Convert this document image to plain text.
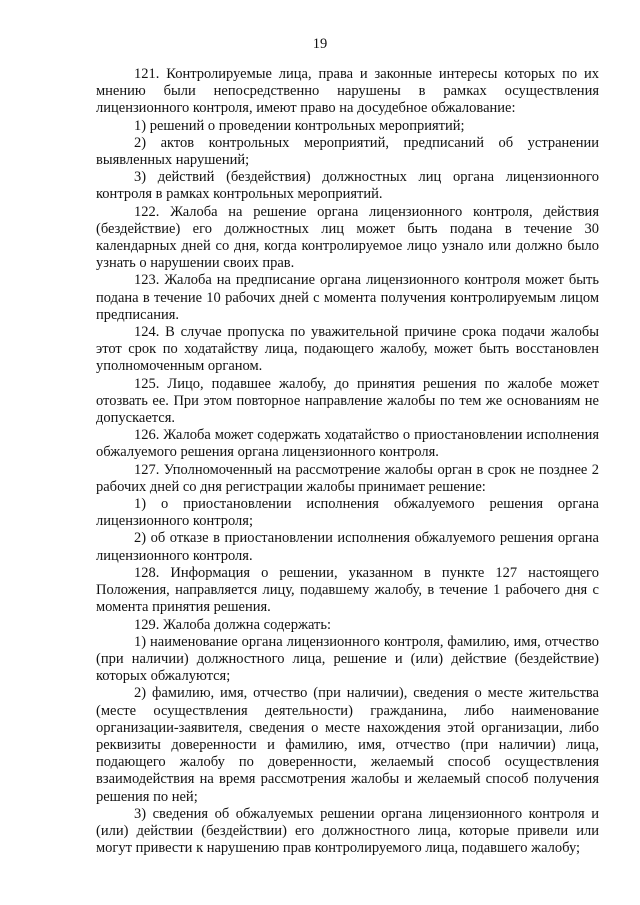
19

121. Контролируемые лица, права и законные интересы которых по их мнению были непосредственно нарушены в рамках осуществления лицензионного контроля, имеют право на досудебное обжалование:

1) решений о проведении контрольных мероприятий;

2) актов контрольных мероприятий, предписаний об устранении выявленных нарушений;

3) действий (бездействия) должностных лиц органа лицензионного контроля в рамках контрольных мероприятий.

122. Жалоба на решение органа лицензионного контроля, действия (бездействие) его должностных лиц может быть подана в течение 30 календарных дней со дня, когда контролируемое лицо узнало или должно было узнать о нарушении своих прав.

123. Жалоба на предписание органа лицензионного контроля может быть подана в течение 10 рабочих дней с момента получения контролируемым лицом предписания.

124. В случае пропуска по уважительной причине срока подачи жалобы этот срок по ходатайству лица, подающего жалобу, может быть восстановлен уполномоченным органом.

125. Лицо, подавшее жалобу, до принятия решения по жалобе может отозвать ее. При этом повторное направление жалобы по тем же основаниям не допускается.

126. Жалоба может содержать ходатайство о приостановлении исполнения обжалуемого решения органа лицензионного контроля.

127. Уполномоченный на рассмотрение жалобы орган в срок не позднее 2 рабочих дней со дня регистрации жалобы принимает решение:

1) о приостановлении исполнения обжалуемого решения органа лицензионного контроля;

2) об отказе в приостановлении исполнения обжалуемого решения органа лицензионного контроля.

128. Информация о решении, указанном в пункте 127 настоящего Положения, направляется лицу, подавшему жалобу, в течение 1 рабочего дня с момента принятия решения.

129. Жалоба должна содержать:

1) наименование органа лицензионного контроля, фамилию, имя, отчество (при наличии) должностного лица, решение и (или) действие (бездействие) которых обжалуются;

2) фамилию, имя, отчество (при наличии), сведения о месте жительства (месте осуществления деятельности) гражданина, либо наименование организации-заявителя, сведения о месте нахождения этой организации, либо реквизиты доверенности и фамилию, имя, отчество (при наличии) лица, подающего жалобу по доверенности, желаемый способ осуществления взаимодействия на время рассмотрения жалобы и желаемый способ получения решения по ней;

3) сведения об обжалуемых решении органа лицензионного контроля и (или) действии (бездействии) его должностного лица, которые привели или могут привести к нарушению прав контролируемого лица, подавшего жалобу;
